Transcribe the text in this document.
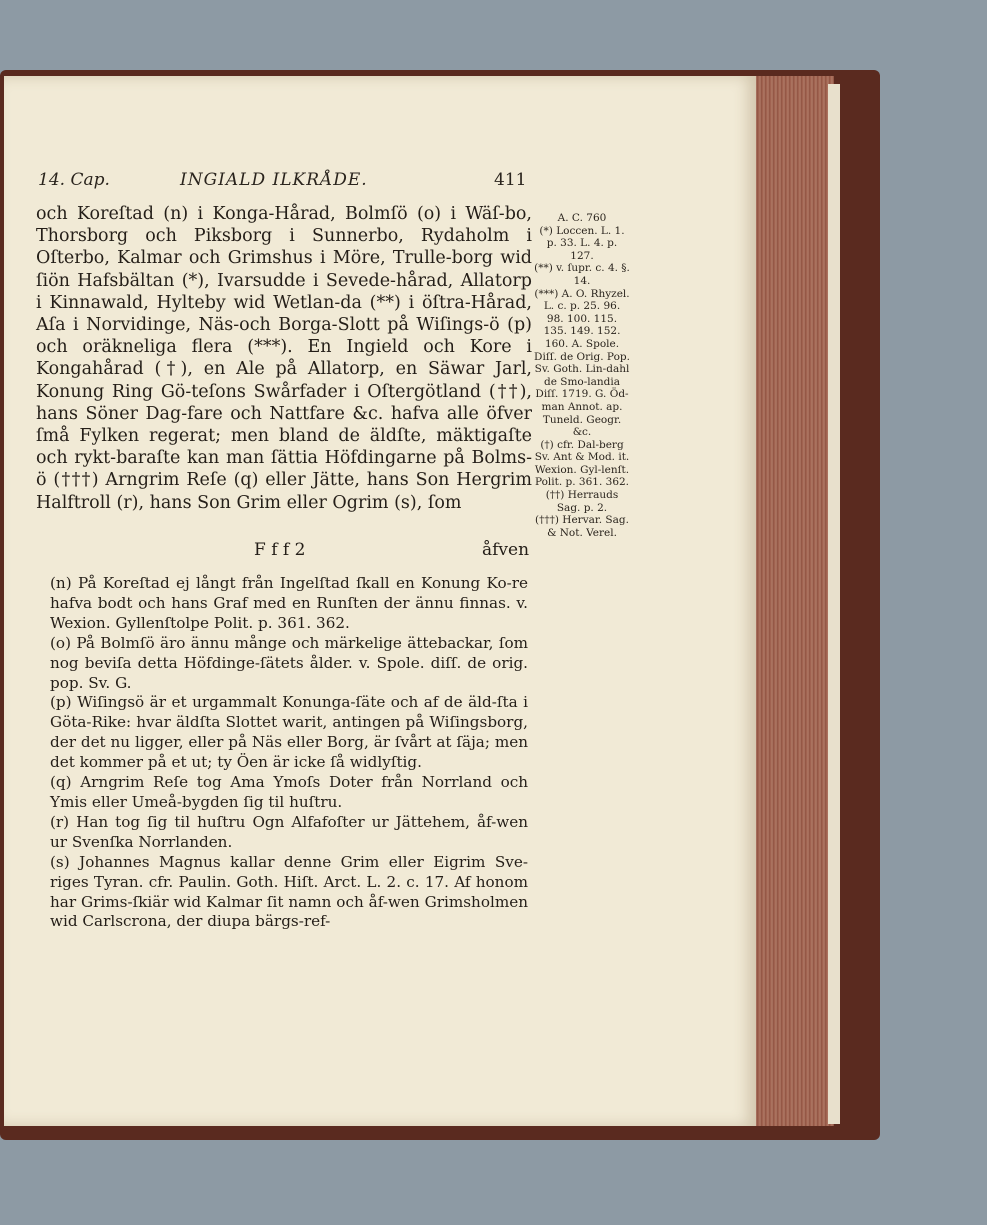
14. Cap.	INGIALD ILKRÅDE.	411

och Koreſtad (n) i Konga-Hårad, Bolmſö (o) i Wäſ-bo, Thorsborg och Piksborg i Sunnerbo, Rydaholm i Oſterbo, Kalmar och Grimshus i Möre, Trulle-borg wid ſiön Hafsbältan (*), Ivarsudde i Sevede-hårad, Allatorp i Kinnawald, Hylteby wid Wetlan-da (**) i öſtra-Hårad, Aſa i Norvidinge, Näs-och Borga-Slott på Wiſings-ö (p) och oräkneliga flera (***). En Ingield och Kore i Kongahårad (†), en Ale på Allatorp, en Säwar Jarl, Konung Ring Gö-teſons Swårfader i Oſtergötland (††), hans Söner Dag-fare och Nattfare &c. hafva alle öfver ſmå Fylken regerat; men bland de äldſte, mäktigaſte och rykt-baraſte kan man ſättia Höfdingarne på Bolms-ö (†††) Arngrim Reſe (q) eller Jätte, hans Son Hergrim Halftroll (r), hans Son Grim eller Ogrim (s), ſom

F f f 2	åfven

(n) På Koreſtad ej långt från Ingelſtad ſkall en Konung Ko-re hafva bodt och hans Graf med en Runſten der ännu finnas. v. Wexion. Gyllenſtolpe Polit. p. 361. 362.

(o) På Bolmſö äro ännu månge och märkelige ättebackar, ſom nog beviſa detta Höfdinge-ſätets ålder. v. Spole. diſſ. de orig. pop. Sv. G.

(p) Wiſingsö är et urgammalt Konunga-ſäte och af de äld-ſta i Göta-Rike: hvar äldſta Slottet warit, antingen på Wiſingsborg, der det nu ligger, eller på Näs eller Borg, är ſvårt at ſäja; men det kommer på et ut; ty Öen är icke ſå widlyſtig.

(q) Arngrim Reſe tog Ama Ymoſs Doter från Norrland och Ymis eller Umeå-bygden ſig til huſtru.

(r) Han tog ſig til huſtru Ogn Alfafoſter ur Jättehem, åf-wen ur Svenſka Norrlanden.

(s) Johannes Magnus kallar denne Grim eller Eigrim Sve-riges Tyran. cfr. Paulin. Goth. Hiſt. Arct. L. 2. c. 17. Af honom har Grims-ſkiär wid Kalmar ſit namn och åf-wen Grimsholmen wid Carlscrona, der diupa bärgs-ref-

A. C. 760

(*) Loccen. L. 1. p. 33. L. 4. p. 127.

(**) v. ſupr. c. 4. §. 14.

(***) A. O. Rhyzel. L. c. p. 25. 96. 98. 100. 115. 135. 149. 152. 160. A. Spole. Diſſ. de Orig. Pop. Sv. Goth. Lin-dahl de Smo-landia Diſſ. 1719. G. Öd-man Annot. ap. Tuneld. Geogr. &c.

(†) cfr. Dal-berg Sv. Ant & Mod. it. Wexion. Gyl-lenſt. Polit. p. 361. 362.

(††) Herrauds Sag. p. 2.

(†††) Hervar. Sag. & Not. Verel.
